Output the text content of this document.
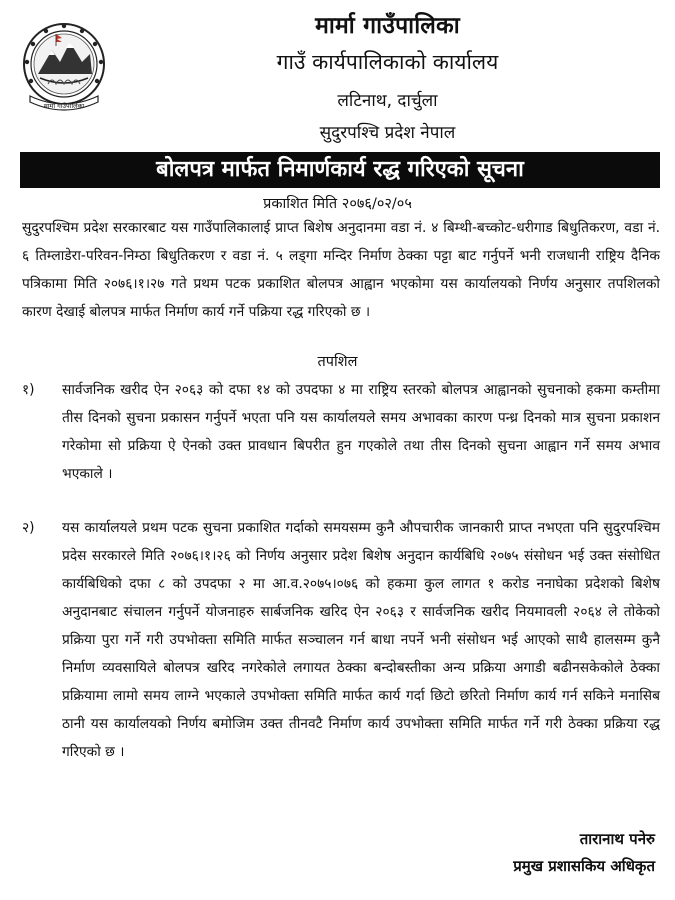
मार्मा गाउँपालिका
मार्मा गाउँपालिका
गाउँ कार्यपालिकाको कार्यालय
लटिनाथ, दार्चुला
सुदुरपश्चि प्रदेश नेपाल
बोलपत्र मार्फत निमार्णकार्य रद्ध गरिएको सूचना
प्रकाशित मिति २०७६/०२/०५
सुदुरपश्चिम प्रदेश सरकारबाट यस गाउँपालिकालाई प्राप्त बिशेष अनुदानमा वडा नं. ४ बिम्थी-बच्कोट-धरीगाड बिधुतिकरण, वडा नं. ६ तिम्लाडेरा-परिवन-निम्ठा बिधुतिकरण र वडा नं. ५ लड्गा मन्दिर निर्माण ठेक्का पट्टा बाट गर्नुपर्ने भनी राजधानी राष्ट्रिय दैनिक पत्रिकामा मिति २०७६।१।२७ गते प्रथम पटक प्रकाशित बोलपत्र आह्वान भएकोमा यस कार्यालयको निर्णय अनुसार तपशिलको कारण देखाई बोलपत्र मार्फत निर्माण कार्य गर्ने पक्रिया रद्ध गरिएको छ ।
तपशिल
१)	सार्वजनिक खरीद ऐन २०६३ को दफा १४ को उपदफा ४ मा राष्ट्रिय स्तरको बोलपत्र आह्वानको सुचनाको हकमा कम्तीमा तीस दिनको सुचना प्रकासन गर्नुपर्ने भएता पनि यस कार्यालयले समय अभावका कारण पन्ध्र दिनको मात्र सुचना प्रकाशन गरेकोमा सो प्रक्रिया ऐ ऐनको उक्त प्रावधान बिपरीत हुन गएकोले तथा तीस दिनको सुचना आह्वान गर्ने समय अभाव भएकाले ।
२)	यस कार्यालयले प्रथम पटक सुचना प्रकाशित गर्दाको समयसम्म कुनै औपचारीक जानकारी प्राप्त नभएता पनि सुदुरपश्चिम प्रदेस सरकारले मिति २०७६।१।२६ को निर्णय अनुसार प्रदेश बिशेष अनुदान कार्यबिधि २०७५ संसोधन भई उक्त संसोधित कार्यबिधिको दफा ८ को उपदफा २ मा आ.व.२०७५।०७६ को हकमा कुल लागत १ करोड ननाघेका प्रदेशको बिशेष अनुदानबाट संचालन गर्नुपर्ने योजनाहरु सार्बजनिक खरिद ऐन २०६३ र सार्वजनिक खरीद नियमावली २०६४ ले तोकेको प्रक्रिया पुरा गर्ने गरी उपभोक्ता समिति मार्फत सञ्चालन गर्न बाधा नपर्ने भनी संसोधन भई आएको साथै हालसम्म कुनै निर्माण व्यवसायिले बोलपत्र खरिद नगरेकोले लगायत ठेक्का बन्दोबस्तीका अन्य प्रक्रिया अगाडी बढीनसकेकोले ठेक्का प्रक्रियामा लामो समय लाग्ने भएकाले उपभोक्ता समिति मार्फत कार्य गर्दा छिटो छरितो निर्माण कार्य गर्न सकिने मनासिब ठानी यस कार्यालयको निर्णय बमोजिम उक्त तीनवटै निर्माण कार्य उपभोक्ता समिति मार्फत गर्ने गरी ठेक्का प्रक्रिया रद्ध गरिएको छ ।
तारानाथ पनेरु
प्रमुख प्रशासकिय अधिकृत
